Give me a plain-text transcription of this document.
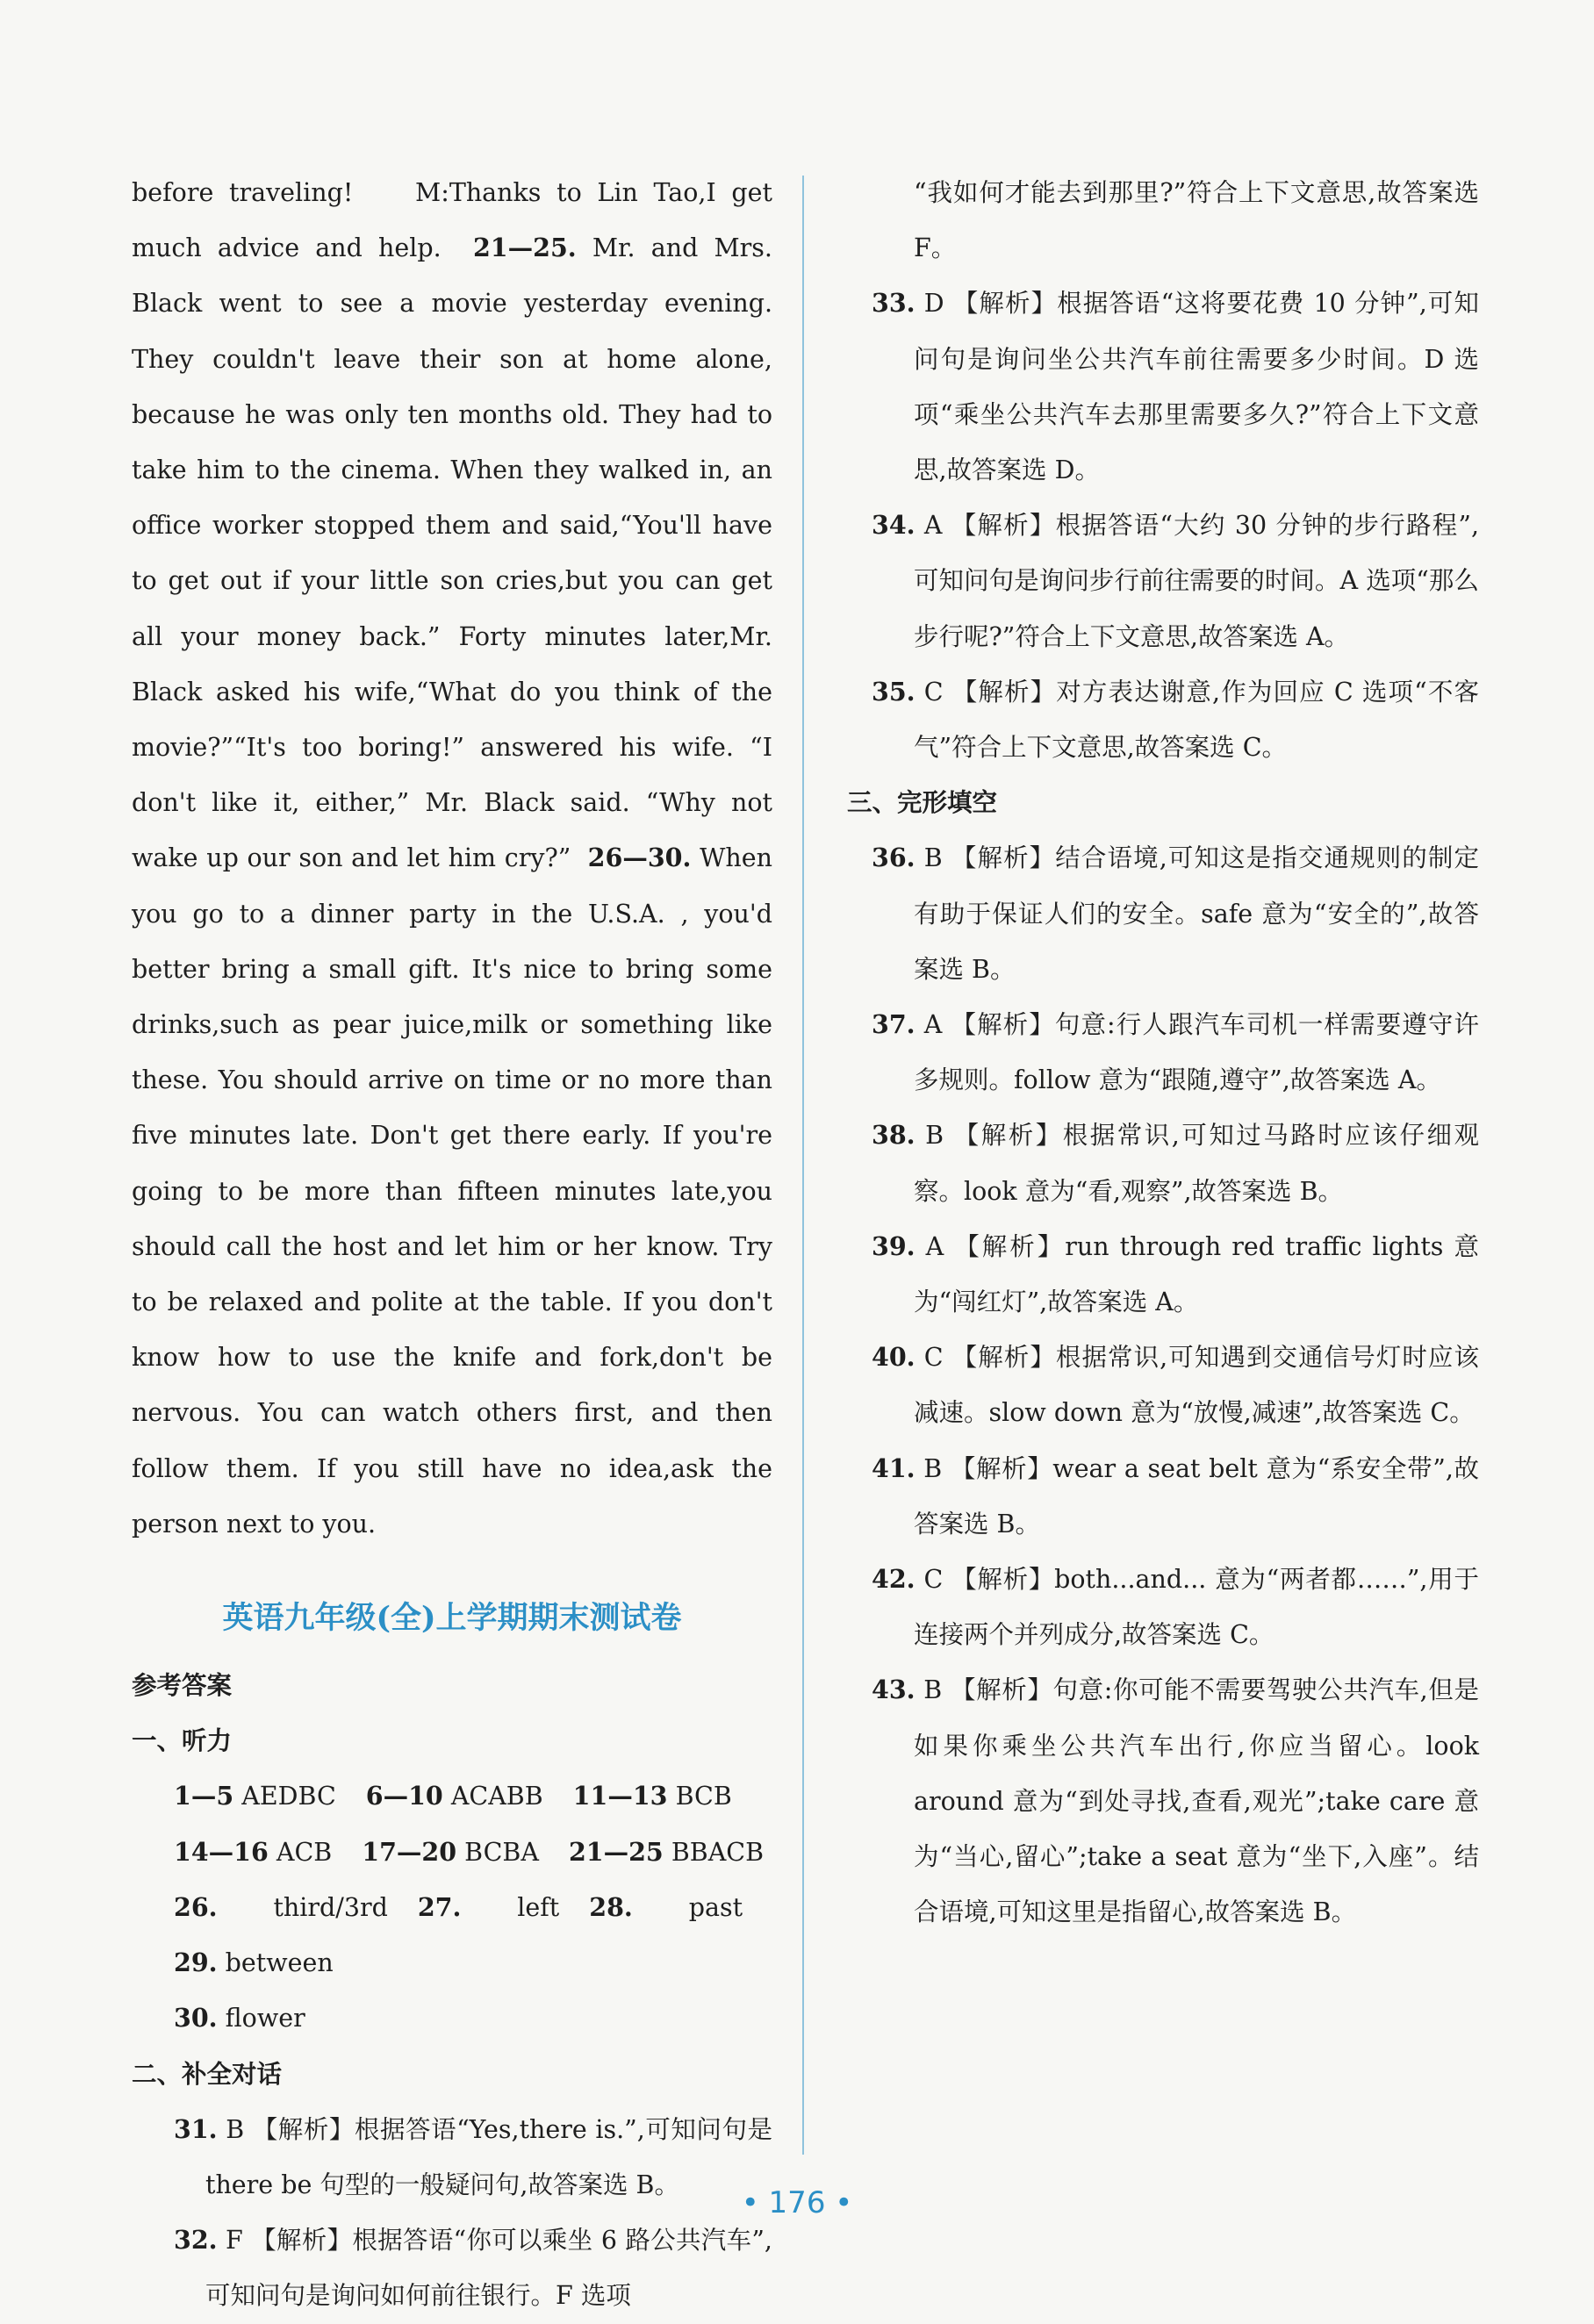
before traveling!    M:Thanks to Lin Tao,I get much advice and help.  21—25. Mr. and Mrs. Black went to see a movie yesterday evening. They couldn't leave their son at home alone, because he was only ten months old. They had to take him to the cinema. When they walked in, an office worker stopped them and said,“You'll have to get out if your little son cries,but you can get all your money back.” Forty minutes later,Mr. Black asked his wife,“What do you think of the movie?”“It's too boring!” answered his wife. “I don't like it, either,” Mr. Black said. “Why not wake up our son and let him cry?”  26—30. When you go to a dinner party in the U.S.A. , you'd better bring a small gift. It's nice to bring some drinks,such as pear juice,milk or something like these. You should arrive on time or no more than five minutes late. Don't get there early. If you're going to be more than fifteen minutes late,you should call the host and let him or her know. Try to be relaxed and polite at the table. If you don't know how to use the knife and fork,don't be nervous. You can watch others first, and then follow them. If you still have no idea,ask the person next to you.

英语九年级(全)上学期期末测试卷

参考答案

一、听力

1—5 AEDBC 6—10 ACABB 11—13 BCB

14—16 ACB 17—20 BCBA 21—25 BBACB

26. third/3rd 27. left 28. past29. between

30. flower

二、补全对话

31. B 【解析】根据答语“Yes,there is.”,可知问句是 there be 句型的一般疑问句,故答案选 B。

32. F 【解析】根据答语“你可以乘坐 6 路公共汽车”,可知问句是询问如何前往银行。F 选项

“我如何才能去到那里?”符合上下文意思,故答案选 F。

33. D 【解析】根据答语“这将要花费 10 分钟”,可知问句是询问坐公共汽车前往需要多少时间。D 选项“乘坐公共汽车去那里需要多久?”符合上下文意思,故答案选 D。

34. A 【解析】根据答语“大约 30 分钟的步行路程”,可知问句是询问步行前往需要的时间。A 选项“那么步行呢?”符合上下文意思,故答案选 A。

35. C 【解析】对方表达谢意,作为回应 C 选项“不客气”符合上下文意思,故答案选 C。

三、完形填空

36. B 【解析】结合语境,可知这是指交通规则的制定有助于保证人们的安全。safe 意为“安全的”,故答案选 B。

37. A 【解析】句意:行人跟汽车司机一样需要遵守许多规则。follow 意为“跟随,遵守”,故答案选 A。

38. B 【解析】根据常识,可知过马路时应该仔细观察。look 意为“看,观察”,故答案选 B。

39. A 【解析】run through red traffic lights 意为“闯红灯”,故答案选 A。

40. C 【解析】根据常识,可知遇到交通信号灯时应该减速。slow down 意为“放慢,减速”,故答案选 C。

41. B 【解析】wear a seat belt 意为“系安全带”,故答案选 B。

42. C 【解析】both...and... 意为“两者都……”,用于连接两个并列成分,故答案选 C。

43. B 【解析】句意:你可能不需要驾驶公共汽车,但是如果你乘坐公共汽车出行,你应当留心。look around 意为“到处寻找,查看,观光”;take care 意为“当心,留心”;take a seat 意为“坐下,入座”。结合语境,可知这里是指留心,故答案选 B。

• 176 •
